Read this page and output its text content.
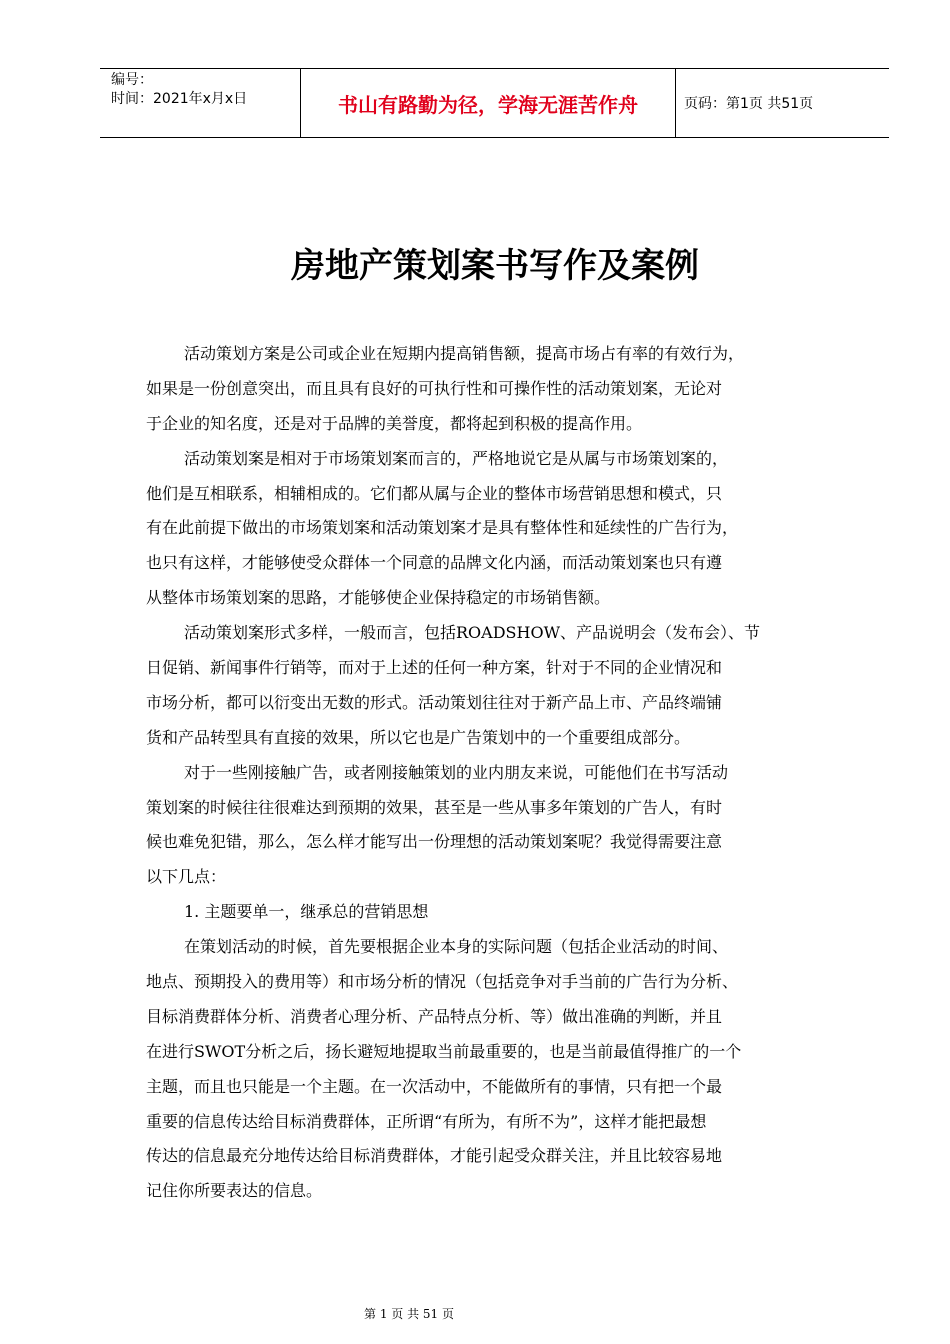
编号：
时间：2021年x月x日	书山有路勤为径，学海无涯苦作舟	页码：第1页 共51页
房地产策划案书写作及案例
活动策划方案是公司或企业在短期内提高销售额，提高市场占有率的有效行为，
如果是一份创意突出，而且具有良好的可执行性和可操作性的活动策划案，无论对
于企业的知名度，还是对于品牌的美誉度，都将起到积极的提高作用。
活动策划案是相对于市场策划案而言的，严格地说它是从属与市场策划案的，
他们是互相联系，相辅相成的。它们都从属与企业的整体市场营销思想和模式，只
有在此前提下做出的市场策划案和活动策划案才是具有整体性和延续性的广告行为，
也只有这样，才能够使受众群体一个同意的品牌文化内涵，而活动策划案也只有遵
从整体市场策划案的思路，才能够使企业保持稳定的市场销售额。
活动策划案形式多样，一般而言，包括ROADSHOW、产品说明会（发布会）、节
日促销、新闻事件行销等，而对于上述的任何一种方案，针对于不同的企业情况和
市场分析，都可以衍变出无数的形式。活动策划往往对于新产品上市、产品终端铺
货和产品转型具有直接的效果，所以它也是广告策划中的一个重要组成部分。
对于一些刚接触广告，或者刚接触策划的业内朋友来说，可能他们在书写活动
策划案的时候往往很难达到预期的效果，甚至是一些从事多年策划的广告人，有时
候也难免犯错，那么，怎么样才能写出一份理想的活动策划案呢？我觉得需要注意
以下几点：
1. 主题要单一，继承总的营销思想
在策划活动的时候，首先要根据企业本身的实际问题（包括企业活动的时间、
地点、预期投入的费用等）和市场分析的情况（包括竞争对手当前的广告行为分析、
目标消费群体分析、消费者心理分析、产品特点分析、等）做出准确的判断，并且
在进行SWOT分析之后，扬长避短地提取当前最重要的，也是当前最值得推广的一个
主题，而且也只能是一个主题。在一次活动中，不能做所有的事情，只有把一个最
重要的信息传达给目标消费群体，正所谓“有所为，有所不为”，这样才能把最想
传达的信息最充分地传达给目标消费群体，才能引起受众群关注，并且比较容易地
记住你所要表达的信息。
第 1 页 共 51 页
